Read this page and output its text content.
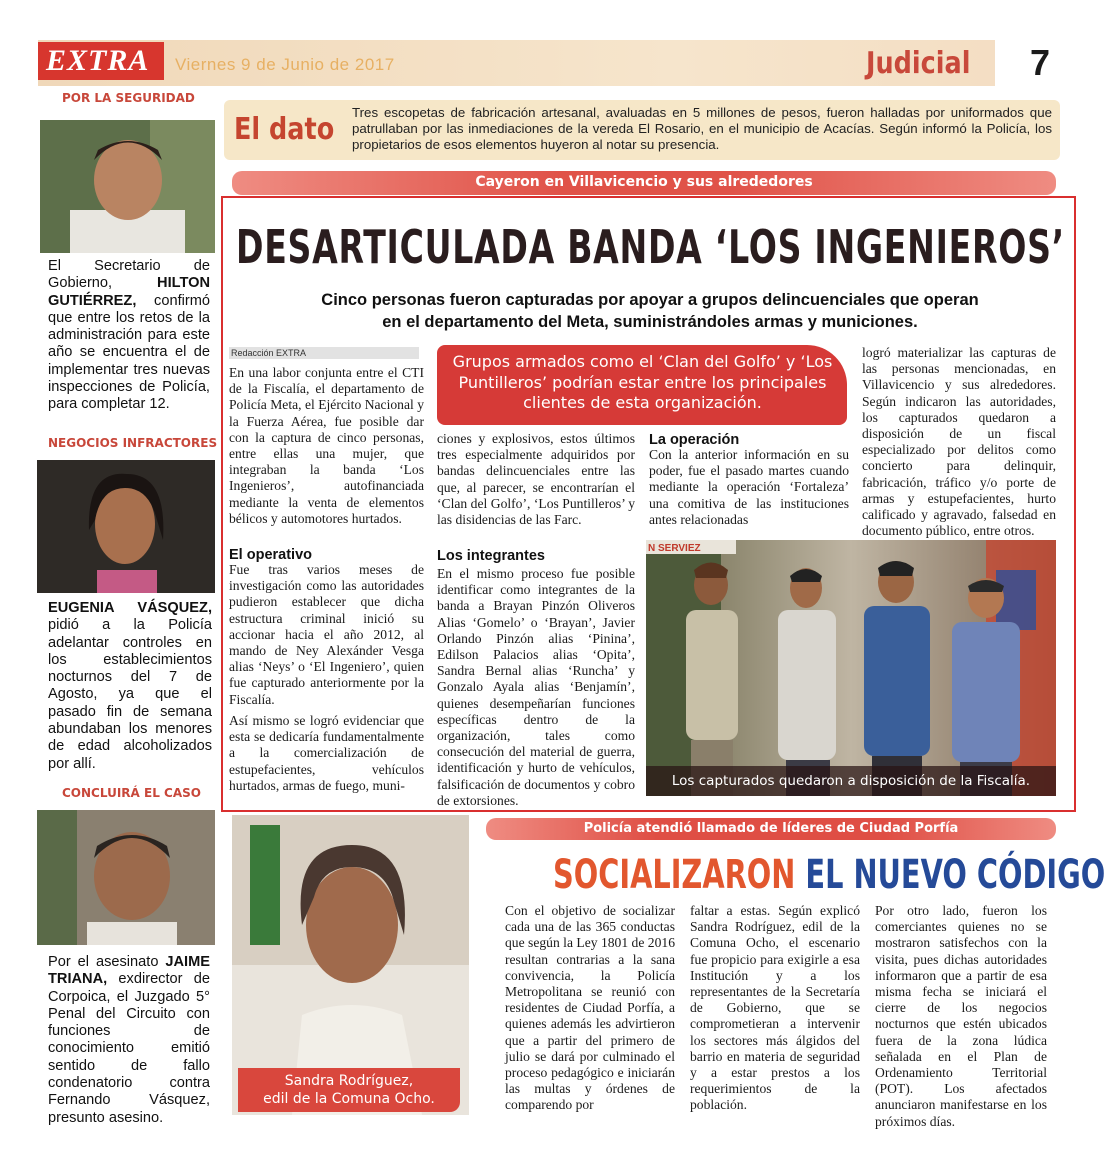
EXTRA Viernes 9 de Junio de 2017	Judicial 7
El dato Tres escopetas de fabricación artesanal, avaluadas en 5 millones de pesos, fueron halladas por uniformados que patrullaban por las inmediaciones de la vereda El Rosario, en el municipio de Acacías. Según informó la Policía, los propietarios de esos elementos huyeron al notar su presencia.
Cayeron en Villavicencio y sus alrededores
DESARTICULADA BANDA ‘LOS INGENIEROS’
Cinco personas fueron capturadas por apoyar a grupos delincuenciales que operan
en el departamento del Meta, suministrándoles armas y municiones.
Redacción EXTRA
En una labor conjunta entre el CTI de la Fiscalía, el departamento de Policía Meta, el Ejército Nacional y la Fuerza Aérea, fue posible dar con la captura de cinco personas, entre ellas una mujer, que integraban la banda ‘Los Ingenieros’, autofinanciada mediante la venta de elementos bélicos y automotores hurtados.
El operativo
Fue tras varios meses de investigación como las autoridades pudieron establecer que dicha estructura criminal inició su accionar hacia el año 2012, al mando de Ney Alexánder Vesga alias ‘Neys’ o ‘El Ingeniero’, quien fue capturado anteriormente por la Fiscalía.
Así mismo se logró evidenciar que esta se dedicaría fundamentalmente a la comercialización de estupefacientes, vehículos hurtados, armas de fuego, muni-
Grupos armados como el ‘Clan del Golfo’ y ‘Los Puntilleros’ podrían estar entre los principales clientes de esta organización.
ciones y explosivos, estos últimos tres especialmente adquiridos por bandas delincuenciales entre las que, al parecer, se encontrarían el ‘Clan del Golfo’, ‘Los Puntilleros’ y las disidencias de las Farc.
Los integrantes
En el mismo proceso fue posible identificar como integrantes de la banda a Brayan Pinzón Oliveros Alias ‘Gomelo’ o ‘Brayan’, Javier Orlando Pinzón alias ‘Pinina’, Edilson Palacios alias ‘Opita’, Sandra Bernal alias ‘Runcha’ y Gonzalo Ayala alias ‘Benjamín’, quienes desempeñarían funciones específicas dentro de la organización, tales como consecución del material de guerra, identificación y hurto de vehículos, falsificación de documentos y cobro de extorsiones.
La operación
Con la anterior información en su poder, fue el pasado martes cuando mediante la operación ‘Fortaleza’ una comitiva de las instituciones antes relacionadas
logró materializar las capturas de las personas mencionadas, en Villavicencio y sus alrededores. Según indicaron las autoridades, los capturados quedaron a disposición de un fiscal especializado por delitos como concierto para delinquir, fabricación, tráfico y/o porte de armas y estupefacientes, hurto calificado y agravado, falsedad en documento público, entre otros.
N SERVIEZ
Los capturados quedaron a disposición de la Fiscalía.
POR LA SEGURIDAD
El Secretario de Gobierno, HILTON GUTIÉRREZ, confirmó que entre los retos de la administración para este año se encuentra el de implementar tres nuevas inspecciones de Policía, para completar 12.
NEGOCIOS INFRACTORES
EUGENIA VÁSQUEZ, pidió a la Policía adelantar controles en los establecimientos nocturnos del 7 de Agosto, ya que el pasado fin de semana abundaban los menores de edad alcoholizados por allí.
CONCLUIRÁ EL CASO
Por el asesinato JAIME TRIANA, exdirector de Corpoica, el Juzgado 5° Penal del Circuito con funciones de conocimiento emitió sentido de fallo condenatorio contra Fernando Vásquez, presunto asesino.
Sandra Rodríguez,
edil de la Comuna Ocho.
Policía atendió llamado de líderes de Ciudad Porfía
SOCIALIZARON EL NUEVO CÓDIGO
Con el objetivo de socializar cada una de las 365 conductas que según la Ley 1801 de 2016 resultan contrarias a la sana convivencia, la Policía Metropolitana se reunió con residentes de Ciudad Porfía, a quienes además les advirtieron que a partir del primero de julio se dará por culminado el proceso pedagógico e iniciarán las multas y órdenes de comparendo por
faltar a estas. Según explicó Sandra Rodríguez, edil de la Comuna Ocho, el escenario fue propicio para exigirle a esa Institución y a los representantes de la Secretaría de Gobierno, que se comprometieran a intervenir los sectores más álgidos del barrio en materia de seguridad y a estar prestos a los requerimientos de la población.
Por otro lado, fueron los comerciantes quienes no se mostraron satisfechos con la visita, pues dichas autoridades informaron que a partir de esa misma fecha se iniciará el cierre de los negocios nocturnos que estén ubicados fuera de la zona lúdica señalada en el Plan de Ordenamiento Territorial (POT). Los afectados anunciaron manifestarse en los próximos días.
